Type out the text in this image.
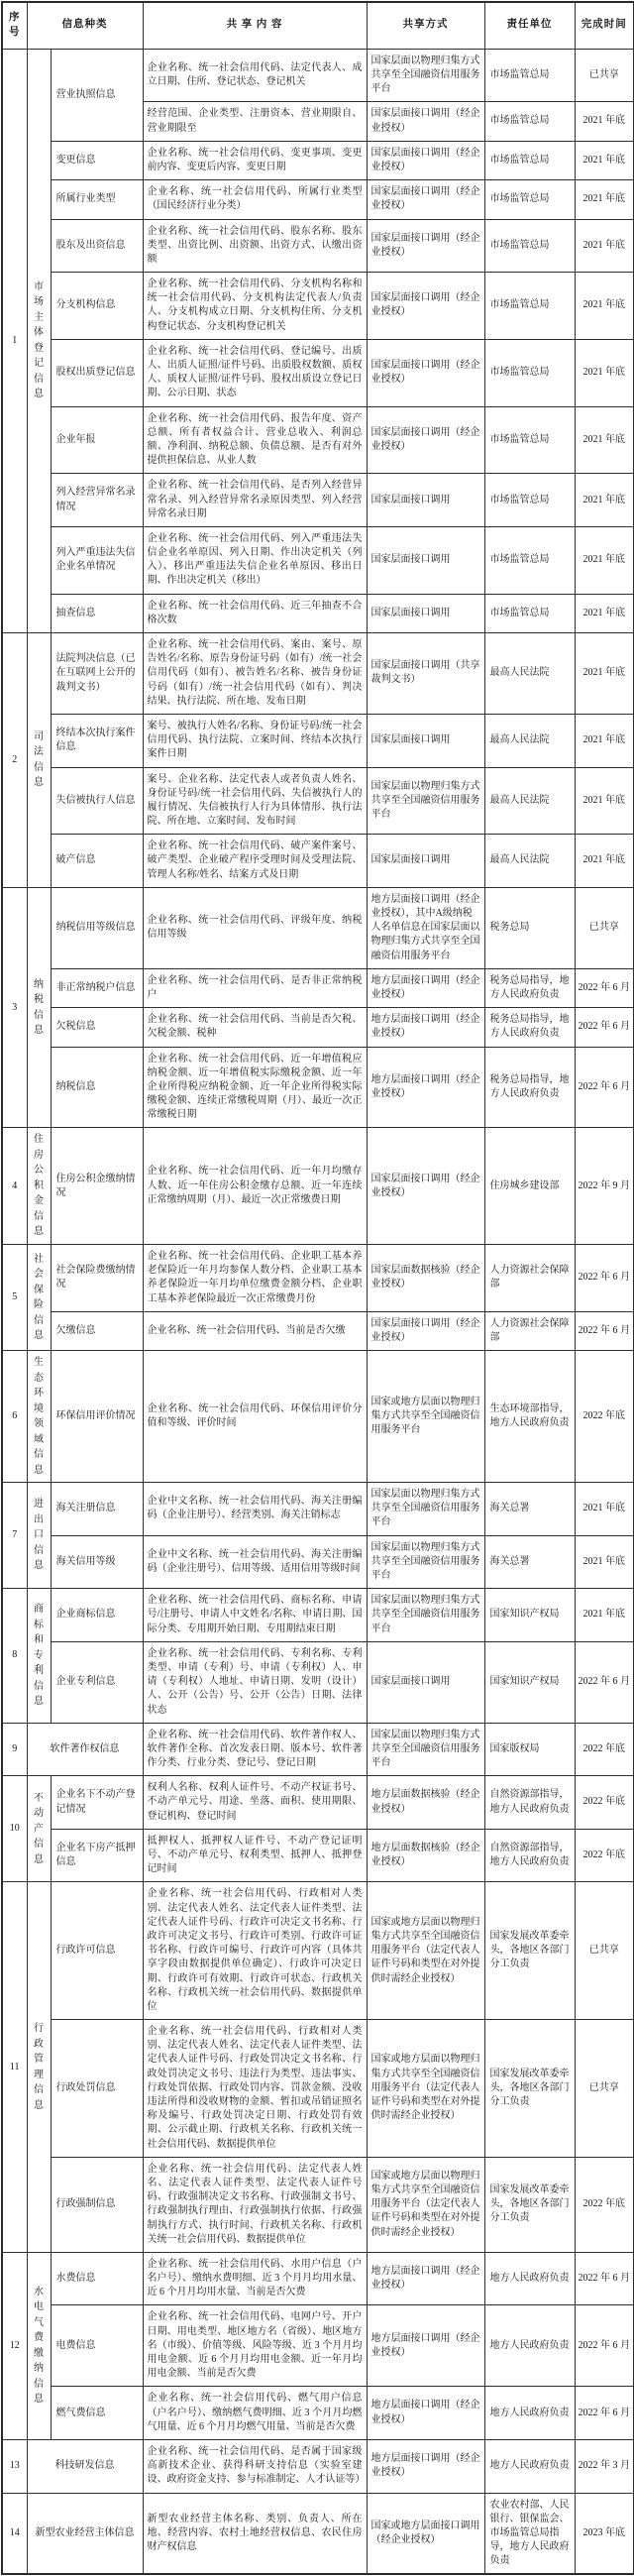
序号	信息种类		共 享 内 容	共享方式	责任单位	完成时间
1	市场主体登记信息	营业执照信息	企业名称、统一社会信用代码、法定代表人、成立日期、住所、登记状态、登记机关	国家层面以物理归集方式共享至全国融资信用服务平台	市场监管总局	已共享
			经营范围、企业类型、注册资本、营业期限自、营业期限至	国家层面接口调用（经企业授权）	市场监管总局	2021 年底
		变更信息	企业名称、统一社会信用代码、变更事项、变更前内容、变更后内容、变更日期	国家层面接口调用（经企业授权）	市场监管总局	2021 年底
		所属行业类型	企业名称、统一社会信用代码、所属行业类型（国民经济行业分类）	国家层面接口调用（经企业授权）	市场监管总局	2021 年底
		股东及出资信息	企业名称、统一社会信用代码、股东名称、股东类型、出资比例、出资额、出资方式、认缴出资额	国家层面接口调用（经企业授权）	市场监管总局	2021 年底
		分支机构信息	企业名称、统一社会信用代码、分支机构名称和统一社会信用代码、分支机构法定代表人/负责人、分支机构成立日期、分支机构住所、分支机构登记状态、分支机构登记机关	国家层面接口调用（经企业授权）	市场监管总局	2021 年底
		股权出质登记信息	企业名称、统一社会信用代码、登记编号、出质人、出质人证照/证件号码、出质股权数额、质权人、质权人证照/证件号码、股权出质设立登记日期、公示日期、状态	国家层面接口调用（经企业授权）	市场监管总局	2021 年底
		企业年报	企业名称、统一社会信用代码、报告年度、资产总额、所有者权益合计、营业总收入、利润总额、净利润、纳税总额、负债总额、是否有对外提供担保信息、从业人数	国家层面接口调用（经企业授权）	市场监管总局	2021 年底
		列入经营异常名录情况	企业名称、统一社会信用代码、是否列入经营异常名录、列入经营异常名录原因类型、列入经营异常名录日期	国家层面接口调用	市场监管总局	2021 年底
		列入严重违法失信企业名单情况	企业名称、统一社会信用代码、列入严重违法失信企业名单原因、列入日期、作出决定机关（列入）、移出严重违法失信企业名单原因、移出日期、作出决定机关（移出）	国家层面接口调用	市场监管总局	2021 年底
		抽查信息	企业名称、统一社会信用代码、近三年抽查不合格次数	国家层面接口调用	市场监管总局	2021 年底
2	司法信息	法院判决信息（已在互联网上公开的裁判文书）	企业名称、统一社会信用代码、案由、案号、原告姓名/名称、原告身份证号码（如有）/统一社会信用代码（如有）、被告姓名/名称、被告身份证号码（如有）/统一社会信用代码（如有）、判决结果、执行法院、所在地、发布日期	国家层面接口调用（共享裁判文书）	最高人民法院	2021 年底
		终结本次执行案件信息	案号、被执行人姓名/名称、身份证号码/统一社会信用代码、执行法院、立案时间、终结本次执行案件日期	国家层面接口调用	最高人民法院	2021 年底
		失信被执行人信息	案号、企业名称、法定代表人或者负责人姓名、身份证号码/统一社会信用代码、失信被执行人的履行情况、失信被执行人行为具体情形、执行法院、所在地、立案时间、发布时间	国家层面以物理归集方式共享至全国融资信用服务平台	最高人民法院	2021 年底
		破产信息	企业名称、统一社会信用代码、破产案件案号、破产类型、企业破产程序受理时间及受理法院、管理人名称/姓名、结案方式及日期	国家层面接口调用	最高人民法院	2021 年底
3	纳税信息	纳税信用等级信息	企业名称、统一社会信用代码、评级年度、纳税信用等级	地方层面接口调用（经企业授权），其中A级纳税人名单信息在国家层面以物理归集方式共享至全国融资信用服务平台	税务总局	已共享
		非正常纳税户信息	企业名称、统一社会信用代码、是否非正常纳税户	地方层面接口调用（经企业授权）	税务总局指导，地方人民政府负责	2022 年 6 月
		欠税信息	企业名称、统一社会信用代码、当前是否欠税、欠税金额、税种	地方层面接口调用（经企业授权）	税务总局指导，地方人民政府负责	2022 年 6 月
		纳税信息	企业名称、统一社会信用代码、近一年增值税应纳税金额、近一年增值税实际缴税金额、近一年企业所得税应纳税金额、近一年企业所得税实际缴税金额、连续正常缴税周期（月）、最近一次正常缴税日期	地方层面接口调用（经企业授权）	税务总局指导，地方人民政府负责	2022 年 6 月
4	住房公积金信息	住房公积金缴纳情况	企业名称、统一社会信用代码、近一年月均缴存人数、近一年住房公积金缴存总额、近一年连续正常缴纳周期（月）、最近一次正常缴费日期	国家层面接口调用（经企业授权）	住房城乡建设部	2022 年 9 月
5	社会保险信息	社会保险费缴纳情况	企业名称、统一社会信用代码、企业职工基本养老保险近一年月均参保人数分档、企业职工基本养老保险近一年月均单位缴费金额分档、企业职工基本养老保险最近一次正常缴费月份	国家层面数据核验（经企业授权）	人力资源社会保障部	2022 年 6 月
		欠缴信息	企业名称、统一社会信用代码、当前是否欠缴	国家层面接口调用（经企业授权）	人力资源社会保障部	2022 年 6 月
6	生态环境领域信息	环保信用评价情况	企业名称、统一社会信用代码、环保信用评价分值和等级、评价时间	国家或地方层面以物理归集方式共享至全国融资信用服务平台	生态环境部指导，地方人民政府负责	2022 年底
7	进出口信息	海关注册信息	企业中文名称、统一社会信用代码、海关注册编码（企业注册号）、经营类别、海关注销标志	国家层面以物理归集方式共享至全国融资信用服务平台	海关总署	2021 年底
		海关信用等级	企业中文名称、统一社会信用代码、海关注册编码（企业注册号）、信用等级、适用信用等级时间	国家层面以物理归集方式共享至全国融资信用服务平台	海关总署	2021 年底
8	商标和专利信息	企业商标信息	企业名称、统一社会信用代码、商标名称、申请号/注册号、申请人中文姓名/名称、申请日期、国际分类、专用期开始日期、专用期结束日期	国家层面以物理归集方式共享至全国融资信用服务平台	国家知识产权局	2021 年底
		企业专利信息	企业名称、统一社会信用代码、专利名称、专利类型、申请（专利）号、申请（专利权）人、申请（专利权）人地址、申请日期、发明（设计）人、公开（公告）号、公开（公告）日期、法律状态	国家层面接口调用	国家知识产权局	2022 年 6 月
9	软件著作权信息		企业名称、统一社会信用代码、软件著作权人、软件著作全称、首次发表日期、版本号、软件著作分类、行业分类、登记号、登记日期	国家层面以物理归集方式共享至全国融资信用服务平台	国家版权局	2022 年底
10	不动产信息	企业名下不动产登记情况	权利人名称、权利人证件号、不动产权证书号、不动产单元号、用途、坐落、面积、使用期限、登记机构、登记时间	地方层面数据核验（经企业授权）	自然资源部指导，地方人民政府负责	2022 年底
		企业名下房产抵押信息	抵押权人、抵押权人证件号、不动产登记证明号、不动产单元号、权利类型、抵押人、抵押登记时间	地方层面数据核验（经企业授权）	自然资源部指导，地方人民政府负责	2022 年底
11	行政管理信息	行政许可信息	企业名称、统一社会信用代码、行政相对人类别、法定代表人姓名、法定代表人证件类型、法定代表人证件号码、行政许可决定文书名称、行政许可决定文书号、行政许可类别、行政许可证书名称、行政许可编号、行政许可内容（具体共享字段由数据提供单位确定）、行政许可决定日期、行政许可有效期、行政许可状态、行政机关名称、行政机关统一社会信用代码、数据提供单位	国家或地方层面以物理归集方式共享至全国融资信用服务平台（法定代表人证件号码和类型在对外提供时需经企业授权）	国家发展改革委牵头，各地区各部门分工负责	已共享
		行政处罚信息	企业名称、统一社会信用代码、行政相对人类别、法定代表人姓名、法定代表人证件类型、法定代表人证件号码、行政处罚决定文书名称、行政处罚决定文书号、违法行为类型、违法事实、行政处罚依据、行政处罚内容、罚款金额、没收违法所得和没收财物的金额、暂扣或吊销证照名称及编号、行政处罚决定日期、行政处罚有效期、公示截止期、行政机关名称、行政机关统一社会信用代码、数据提供单位	国家或地方层面以物理归集方式共享至全国融资信用服务平台（法定代表人证件号码和类型在对外提供时需经企业授权）	国家发展改革委牵头，各地区各部门分工负责	已共享
		行政强制信息	企业名称、统一社会信用代码、法定代表人姓名、法定代表人证件类型、法定代表人证件号码、行政强制决定文书名称、行政强制文书号、行政强制执行理由、行政强制执行依据、行政强制执行方式、执行时间、行政机关名称、行政机关统一社会信用代码、数据提供单位	国家或地方层面以物理归集方式共享至全国融资信用服务平台（法定代表人证件号码和类型在对外提供时需经企业授权）	国家发展改革委牵头，各地区各部门分工负责	2022 年底
12	水电气费缴纳信息	水费信息	企业名称、统一社会信用代码、水用户信息（户名户号）、缴纳水费明细、近 3 个月月均用水量、近 6 个月月均用水量、当前是否欠费	地方层面接口调用（经企业授权）	地方人民政府负责	2022 年 6 月
		电费信息	企业名称、统一社会信用代码、电网户号、开户日期、用电类型、地区地方名（省级）、地区地方名（市级）、价值等级、风险等级、近 3 个月月均用电金额、近 6 个月月均用电金额、近一年月均用电金额、当前是否欠费	地方层面接口调用（经企业授权）	地方人民政府负责	2022 年 6 月
		燃气费信息	企业名称、统一社会信用代码、燃气用户信息（户名户号）、缴纳燃气费明细、近 3 个月月均燃气用量、近 6 个月月均燃气用量、当前是否欠费	地方层面接口调用（经企业授权）	地方人民政府负责	2022 年 6 月
13	科技研发信息		企业名称、统一社会信用代码、是否属于国家级高新技术企业、获得科研支持信息（实验室建设、政府资金支持、参与标准制定、人才认证等）	地方层面接口调用（经企业授权）	地方人民政府负责	2022 年 3 月
14	新型农业经营主体信息		新型农业经营主体名称、类别、负责人、所在地、经营内容、农村土地经营权信息、农民住房财产权信息	国家或地方层面接口调用（经企业授权）	农业农村部、人民银行、银保监会、市场监管总局指导，地方人民政府负责	2023 年底
